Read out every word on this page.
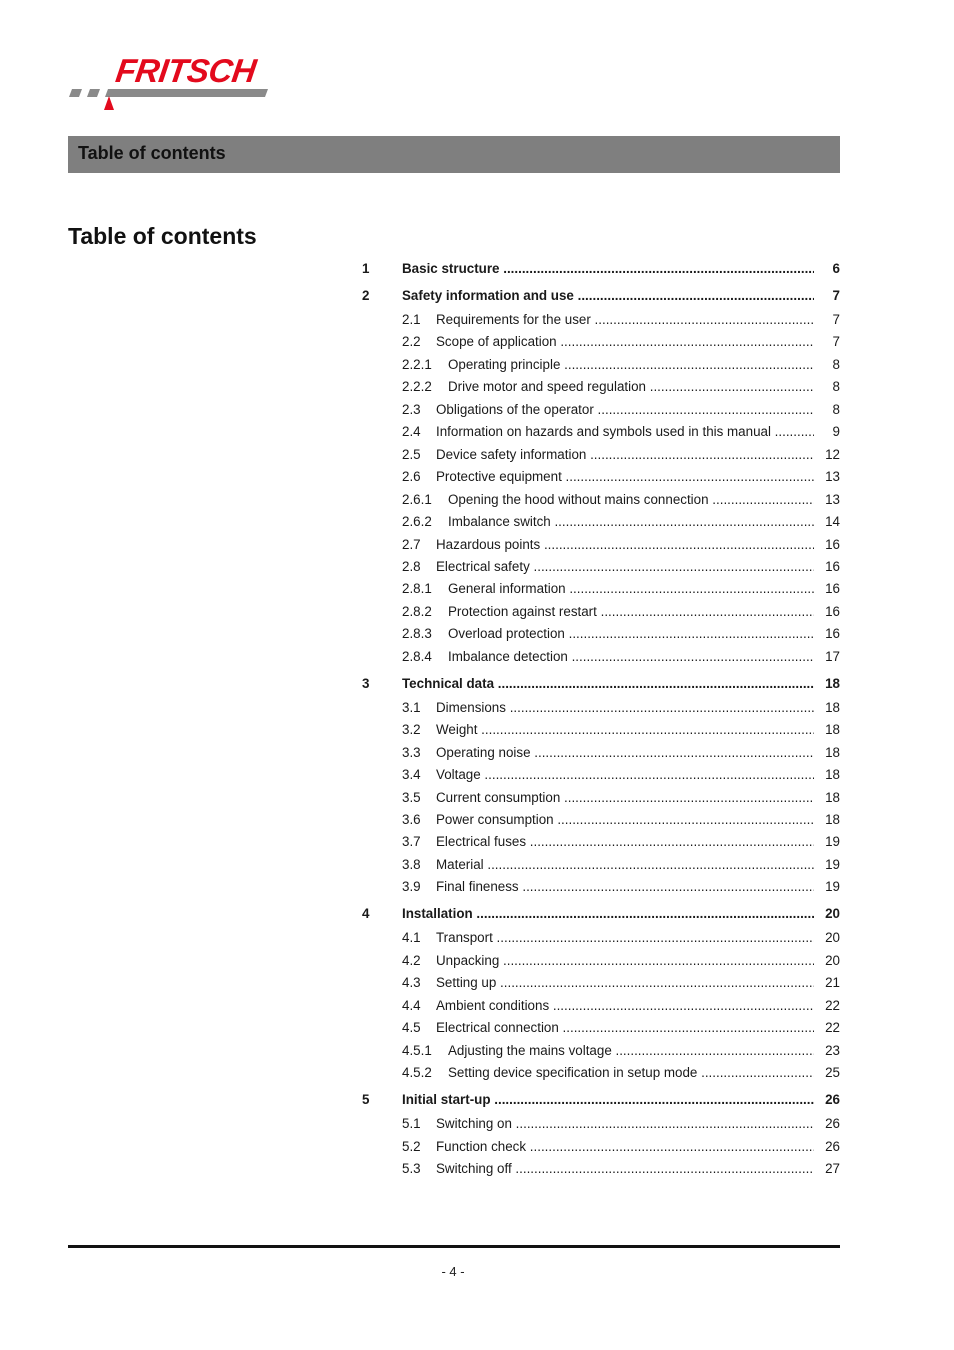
FRITSCH
Table of contents
Table of contents
1 Basic structure .....	6
2 Safety information and use .....	7
2.1 Requirements for the user .....	7
2.2 Scope of application .....	7
2.2.1 Operating principle .....	8
2.2.2 Drive motor and speed regulation .....	8
2.3 Obligations of the operator .....	8
2.4 Information on hazards and symbols used in this manual .....	9
2.5 Device safety information .....	12
2.6 Protective equipment .....	13
2.6.1 Opening the hood without mains connection .....	13
2.6.2 Imbalance switch .....	14
2.7 Hazardous points .....	16
2.8 Electrical safety .....	16
2.8.1 General information .....	16
2.8.2 Protection against restart .....	16
2.8.3 Overload protection .....	16
2.8.4 Imbalance detection .....	17
3 Technical data .....	18
3.1 Dimensions .....	18
3.2 Weight .....	18
3.3 Operating noise .....	18
3.4 Voltage .....	18
3.5 Current consumption .....	18
3.6 Power consumption .....	18
3.7 Electrical fuses .....	19
3.8 Material .....	19
3.9 Final fineness .....	19
4 Installation .....	20
4.1 Transport .....	20
4.2 Unpacking .....	20
4.3 Setting up .....	21
4.4 Ambient conditions .....	22
4.5 Electrical connection .....	22
4.5.1 Adjusting the mains voltage .....	23
4.5.2 Setting device specification in setup mode .....	25
5 Initial start-up .....	26
5.1 Switching on .....	26
5.2 Function check .....	26
5.3 Switching off .....	27
- 4 -
